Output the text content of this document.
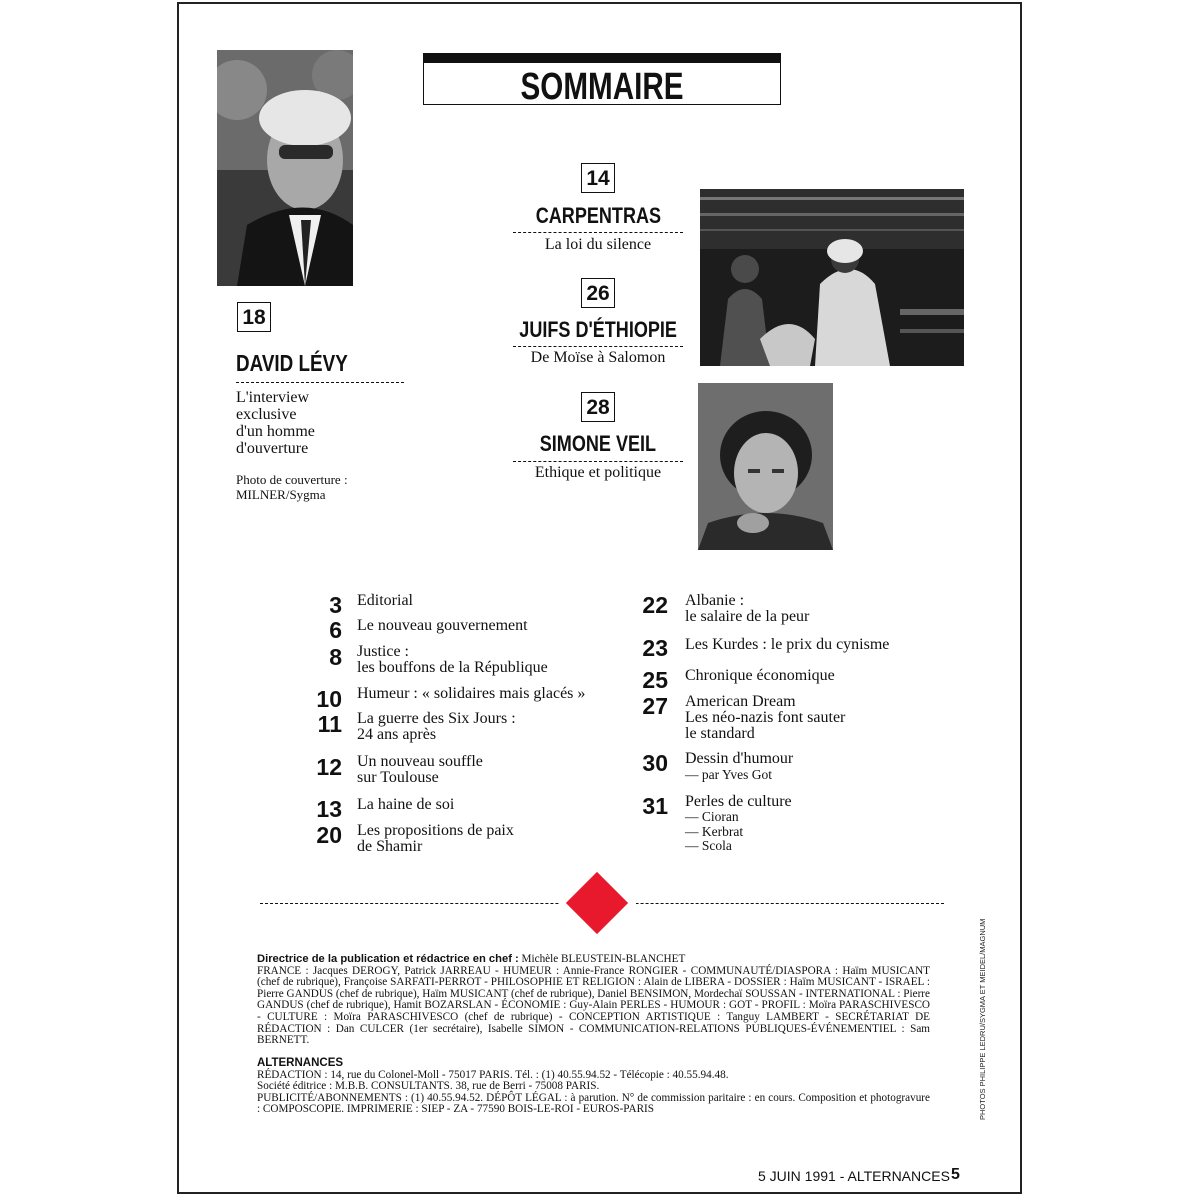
SOMMAIRE
18
DAVID LÉVY
L'interview
exclusive
d'un homme
d'ouverture
Photo de couverture :
MILNER/Sygma
14
CARPENTRAS
La loi du silence
26
JUIFS D'ÉTHIOPIE
De Moïse à Salomon
28
SIMONE VEIL
Ethique et politique
3 Editorial
6 Le nouveau gouvernement
8 Justice :
les bouffons de la République
10 Humeur : « solidaires mais glacés »
11 La guerre des Six Jours :
24 ans après
12 Un nouveau souffle
sur Toulouse
13 La haine de soi
20 Les propositions de paix
de Shamir
22 Albanie :
le salaire de la peur
23 Les Kurdes : le prix du cynisme
25 Chronique économique
27 American Dream
Les néo-nazis font sauter
le standard
30 Dessin d'humour
— par Yves Got
31 Perles de culture
— Cioran
— Kerbrat
— Scola
Directrice de la publication et rédactrice en chef : Michèle BLEUSTEIN-BLANCHET
FRANCE : Jacques DEROGY, Patrick JARREAU - HUMEUR : Annie-France RONGIER - COMMUNAUTÉ/DIASPORA : Haïm MUSICANT (chef de rubrique), Françoise SARFATI-PERROT - PHILOSOPHIE ET RELIGION : Alain de LIBERA - DOSSIER : Haïm MUSICANT - ISRAEL : Pierre GANDUS (chef de rubrique), Haïm MUSICANT (chef de rubrique), Daniel BENSIMON, Mordechaï SOUSSAN - INTERNATIONAL : Pierre GANDUS (chef de rubrique), Hamit BOZARSLAN - ÉCONOMIE : Guy-Alain PERLES - HUMOUR : GOT - PROFIL : Moïra PARASCHIVESCO - CULTURE : Moïra PARASCHIVESCO (chef de rubrique) - CONCEPTION ARTISTIQUE : Tanguy LAMBERT - SECRÉTARIAT DE RÉDACTION : Dan CULCER (1er secrétaire), Isabelle SIMON - COMMUNICATION-RELATIONS PUBLIQUES-ÉVÉNEMENTIEL : Sam BERNETT.
ALTERNANCES
RÉDACTION : 14, rue du Colonel-Moll - 75017 PARIS. Tél. : (1) 40.55.94.52 - Télécopie : 40.55.94.48.
Société éditrice : M.B.B. CONSULTANTS. 38, rue de Berri - 75008 PARIS.
PUBLICITÉ/ABONNEMENTS : (1) 40.55.94.52. DÉPÔT LÉGAL : à parution. N° de commission paritaire : en cours. Composition et photogravure : COMPOSCOPIE. IMPRIMERIE : SIEP - ZA - 77590 BOIS-LE-ROI - EUROS-PARIS	PHOTOS PHILIPPE LEDRU/SYGMA ET MEIDEL/MAGNUM
5 JUIN 1991 - ALTERNANCES 5
